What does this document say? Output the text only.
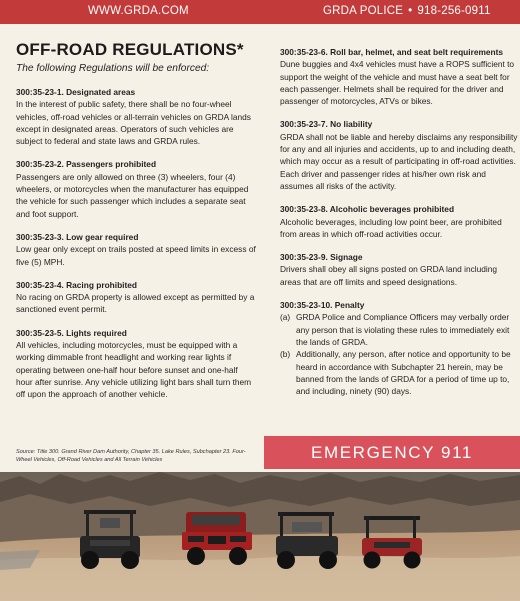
WWW.GRDA.COM	GRDA POLICE • 918-256-0911
OFF-ROAD REGULATIONS*
The following Regulations will be enforced:
300:35-23-1. Designated areas

In the interest of public safety, there shall be no four-wheel vehicles, off-road vehicles or all-terrain vehicles on GRDA lands except in designated areas. Operators of such vehicles are subject to federal and state laws and GRDA rules.

300:35-23-2. Passengers prohibited

Passengers are only allowed on three (3) wheelers, four (4) wheelers, or motorcycles when the manufacturer has equipped the vehicle for such passenger which includes a separate seat and foot support.

300:35-23-3. Low gear required

Low gear only except on trails posted at speed limits in excess of five (5) MPH.

300:35-23-4. Racing prohibited

No racing on GRDA property is allowed except as permitted by a sanctioned event permit.

300:35-23-5. Lights required

All vehicles, including motorcycles, must be equipped with a working dimmable front headlight and working rear lights if operating between one-half hour before sunset and one-half hour after sunrise. Any vehicle utilizing light bars shall turn them off upon the approach of another vehicle.

Source: Title 300. Grand River Dam Authority, Chapter 35. Lake Rules, Subchapter 23. Four-Wheel Vehicles, Off-Road Vehicles and All Terrain Vehicles
300:35-23-6. Roll bar, helmet, and seat belt requirements

Dune buggies and 4x4 vehicles must have a ROPS sufficient to support the weight of the vehicle and must have a seat belt for each passenger. Helmets shall be required for the driver and passenger of motorcycles, ATVs or bikes.

300:35-23-7. No liability

GRDA shall not be liable and hereby disclaims any responsibility for any and all injuries and accidents, up to and including death, which may occur as a result of participating in off-road activities. Each driver and passenger rides at his/her own risk and assumes all risks of the activity.

300:35-23-8. Alcoholic beverages prohibited

Alcoholic beverages, including low point beer, are prohibited from areas in which off-road activities occur.

300:35-23-9. Signage

Drivers shall obey all signs posted on GRDA land including areas that are off limits and speed designations.

300:35-23-10. Penalty
(a) GRDA Police and Compliance Officers may verbally order any person that is violating these rules to immediately exit the lands of GRDA.
(b) Additionally, any person, after notice and opportunity to be heard in accordance with Subchapter 21 herein, may be banned from the lands of GRDA for a period of time up to, and including, ninety (90) days.
EMERGENCY 911
